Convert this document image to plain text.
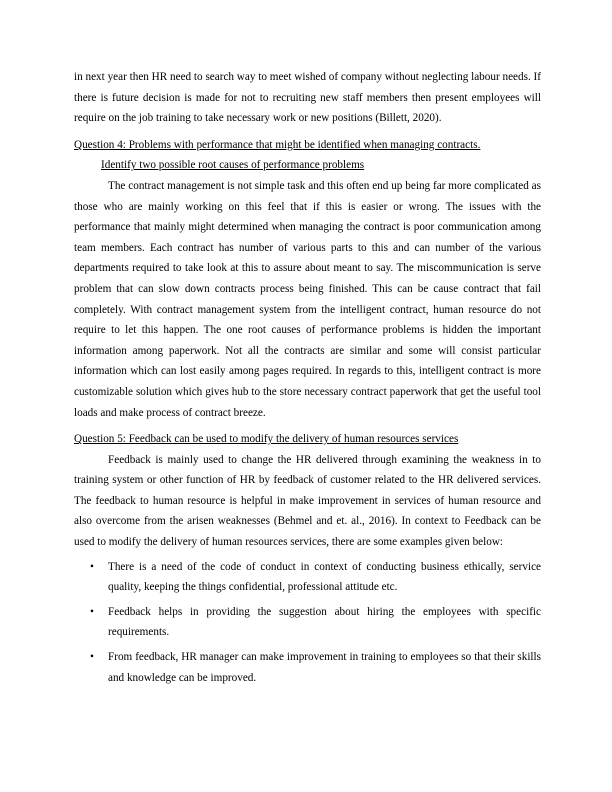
in next year then HR need to search way to meet wished of company without neglecting labour needs. If there is future decision is made for not to recruiting new staff members then present employees will require on the job training to take necessary work or new positions (Billett, 2020).

Question 4: Problems with performance that might be identified when managing contracts.
Identify two possible root causes of performance problems

The contract management is not simple task and this often end up being far more complicated as those who are mainly working on this feel that if this is easier or wrong. The issues with the performance that mainly might determined when managing the contract is poor communication among team members. Each contract has number of various parts to this and can number of the various departments required to take look at this to assure about meant to say. The miscommunication is serve problem that can slow down contracts process being finished. This can be cause contract that fail completely. With contract management system from the intelligent contract, human resource do not require to let this happen. The one root causes of performance problems is hidden the important information among paperwork. Not all the contracts are similar and some will consist particular information which can lost easily among pages required. In regards to this, intelligent contract is more customizable solution which gives hub to the store necessary contract paperwork that get the useful tool loads and make process of contract breeze.

Question 5: Feedback can be used to modify the delivery of human resources services

Feedback is mainly used to change the HR delivered through examining the weakness in to training system or other function of HR by feedback of customer related to the HR delivered services. The feedback to human resource is helpful in make improvement in services of human resource and also overcome from the arisen weaknesses (Behmel and et. al., 2016). In context to Feedback can be used to modify the delivery of human resources services, there are some examples given below:

• There is a need of the code of conduct in context of conducting business ethically, service quality, keeping the things confidential, professional attitude etc.
• Feedback helps in providing the suggestion about hiring the employees with specific requirements.
• From feedback, HR manager can make improvement in training to employees so that their skills and knowledge can be improved.
